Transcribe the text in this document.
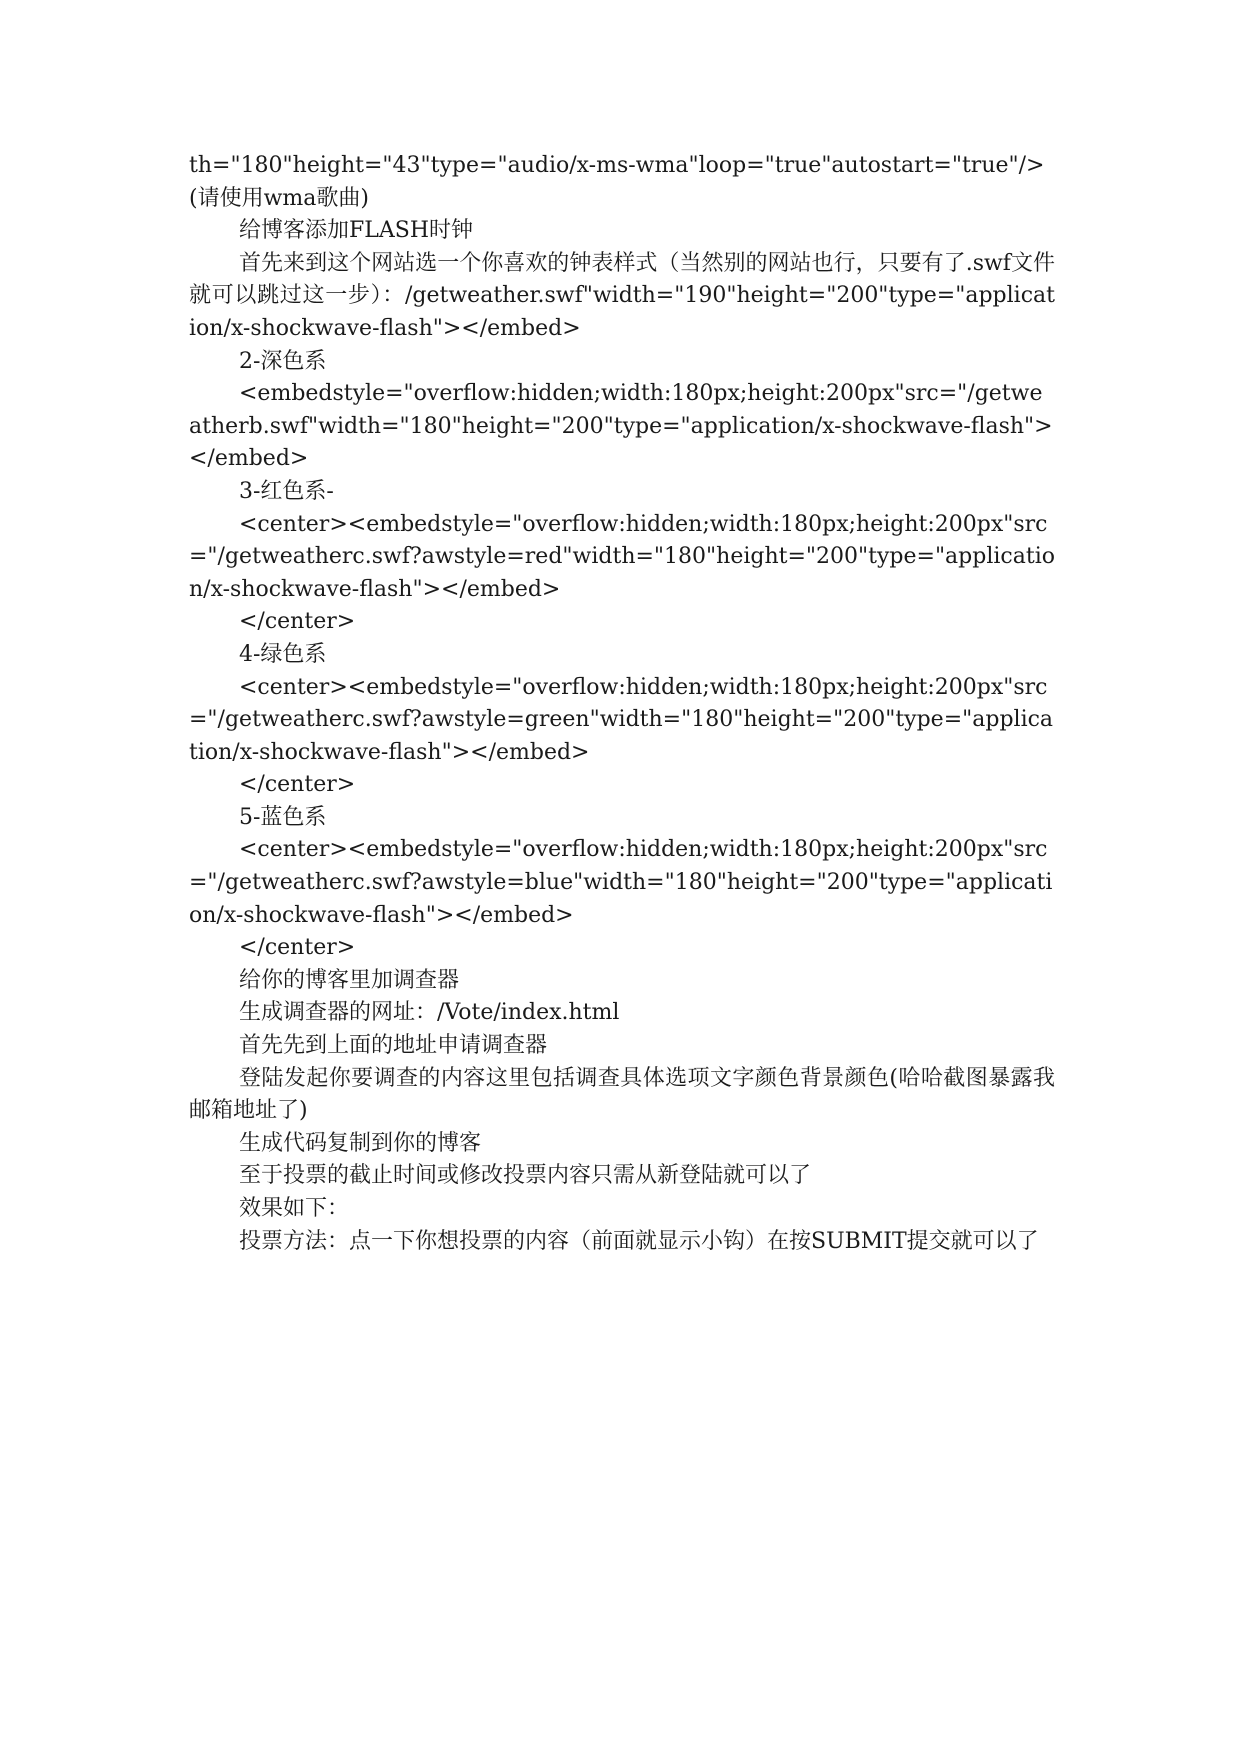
th="180"height="43"type="audio/x-ms-wma"loop="true"autostart="true"/>(请使用wma歌曲)

给博客添加FLASH时钟

首先来到这个网站选一个你喜欢的钟表样式（当然别的网站也行，只要有了.swf文件就可以跳过这一步）：/getweather.swf"width="190"height="200"type="application/x-shockwave-flash"></embed>

2-深色系

<embedstyle="overflow:hidden;width:180px;height:200px"src="/getweatherb.swf"width="180"height="200"type="application/x-shockwave-flash"></embed>

3-红色系-

<center><embedstyle="overflow:hidden;width:180px;height:200px"src="/getweatherc.swf?awstyle=red"width="180"height="200"type="application/x-shockwave-flash"></embed>

</center>

4-绿色系

<center><embedstyle="overflow:hidden;width:180px;height:200px"src="/getweatherc.swf?awstyle=green"width="180"height="200"type="application/x-shockwave-flash"></embed>

</center>

5-蓝色系

<center><embedstyle="overflow:hidden;width:180px;height:200px"src="/getweatherc.swf?awstyle=blue"width="180"height="200"type="application/x-shockwave-flash"></embed>

</center>

给你的博客里加调查器

生成调查器的网址：/Vote/index.html

首先先到上面的地址申请调查器

登陆发起你要调查的内容这里包括调查具体选项文字颜色背景颜色(哈哈截图暴露我邮箱地址了)

生成代码复制到你的博客

至于投票的截止时间或修改投票内容只需从新登陆就可以了

效果如下：

投票方法：点一下你想投票的内容（前面就显示小钩）在按SUBMIT提交就可以了
